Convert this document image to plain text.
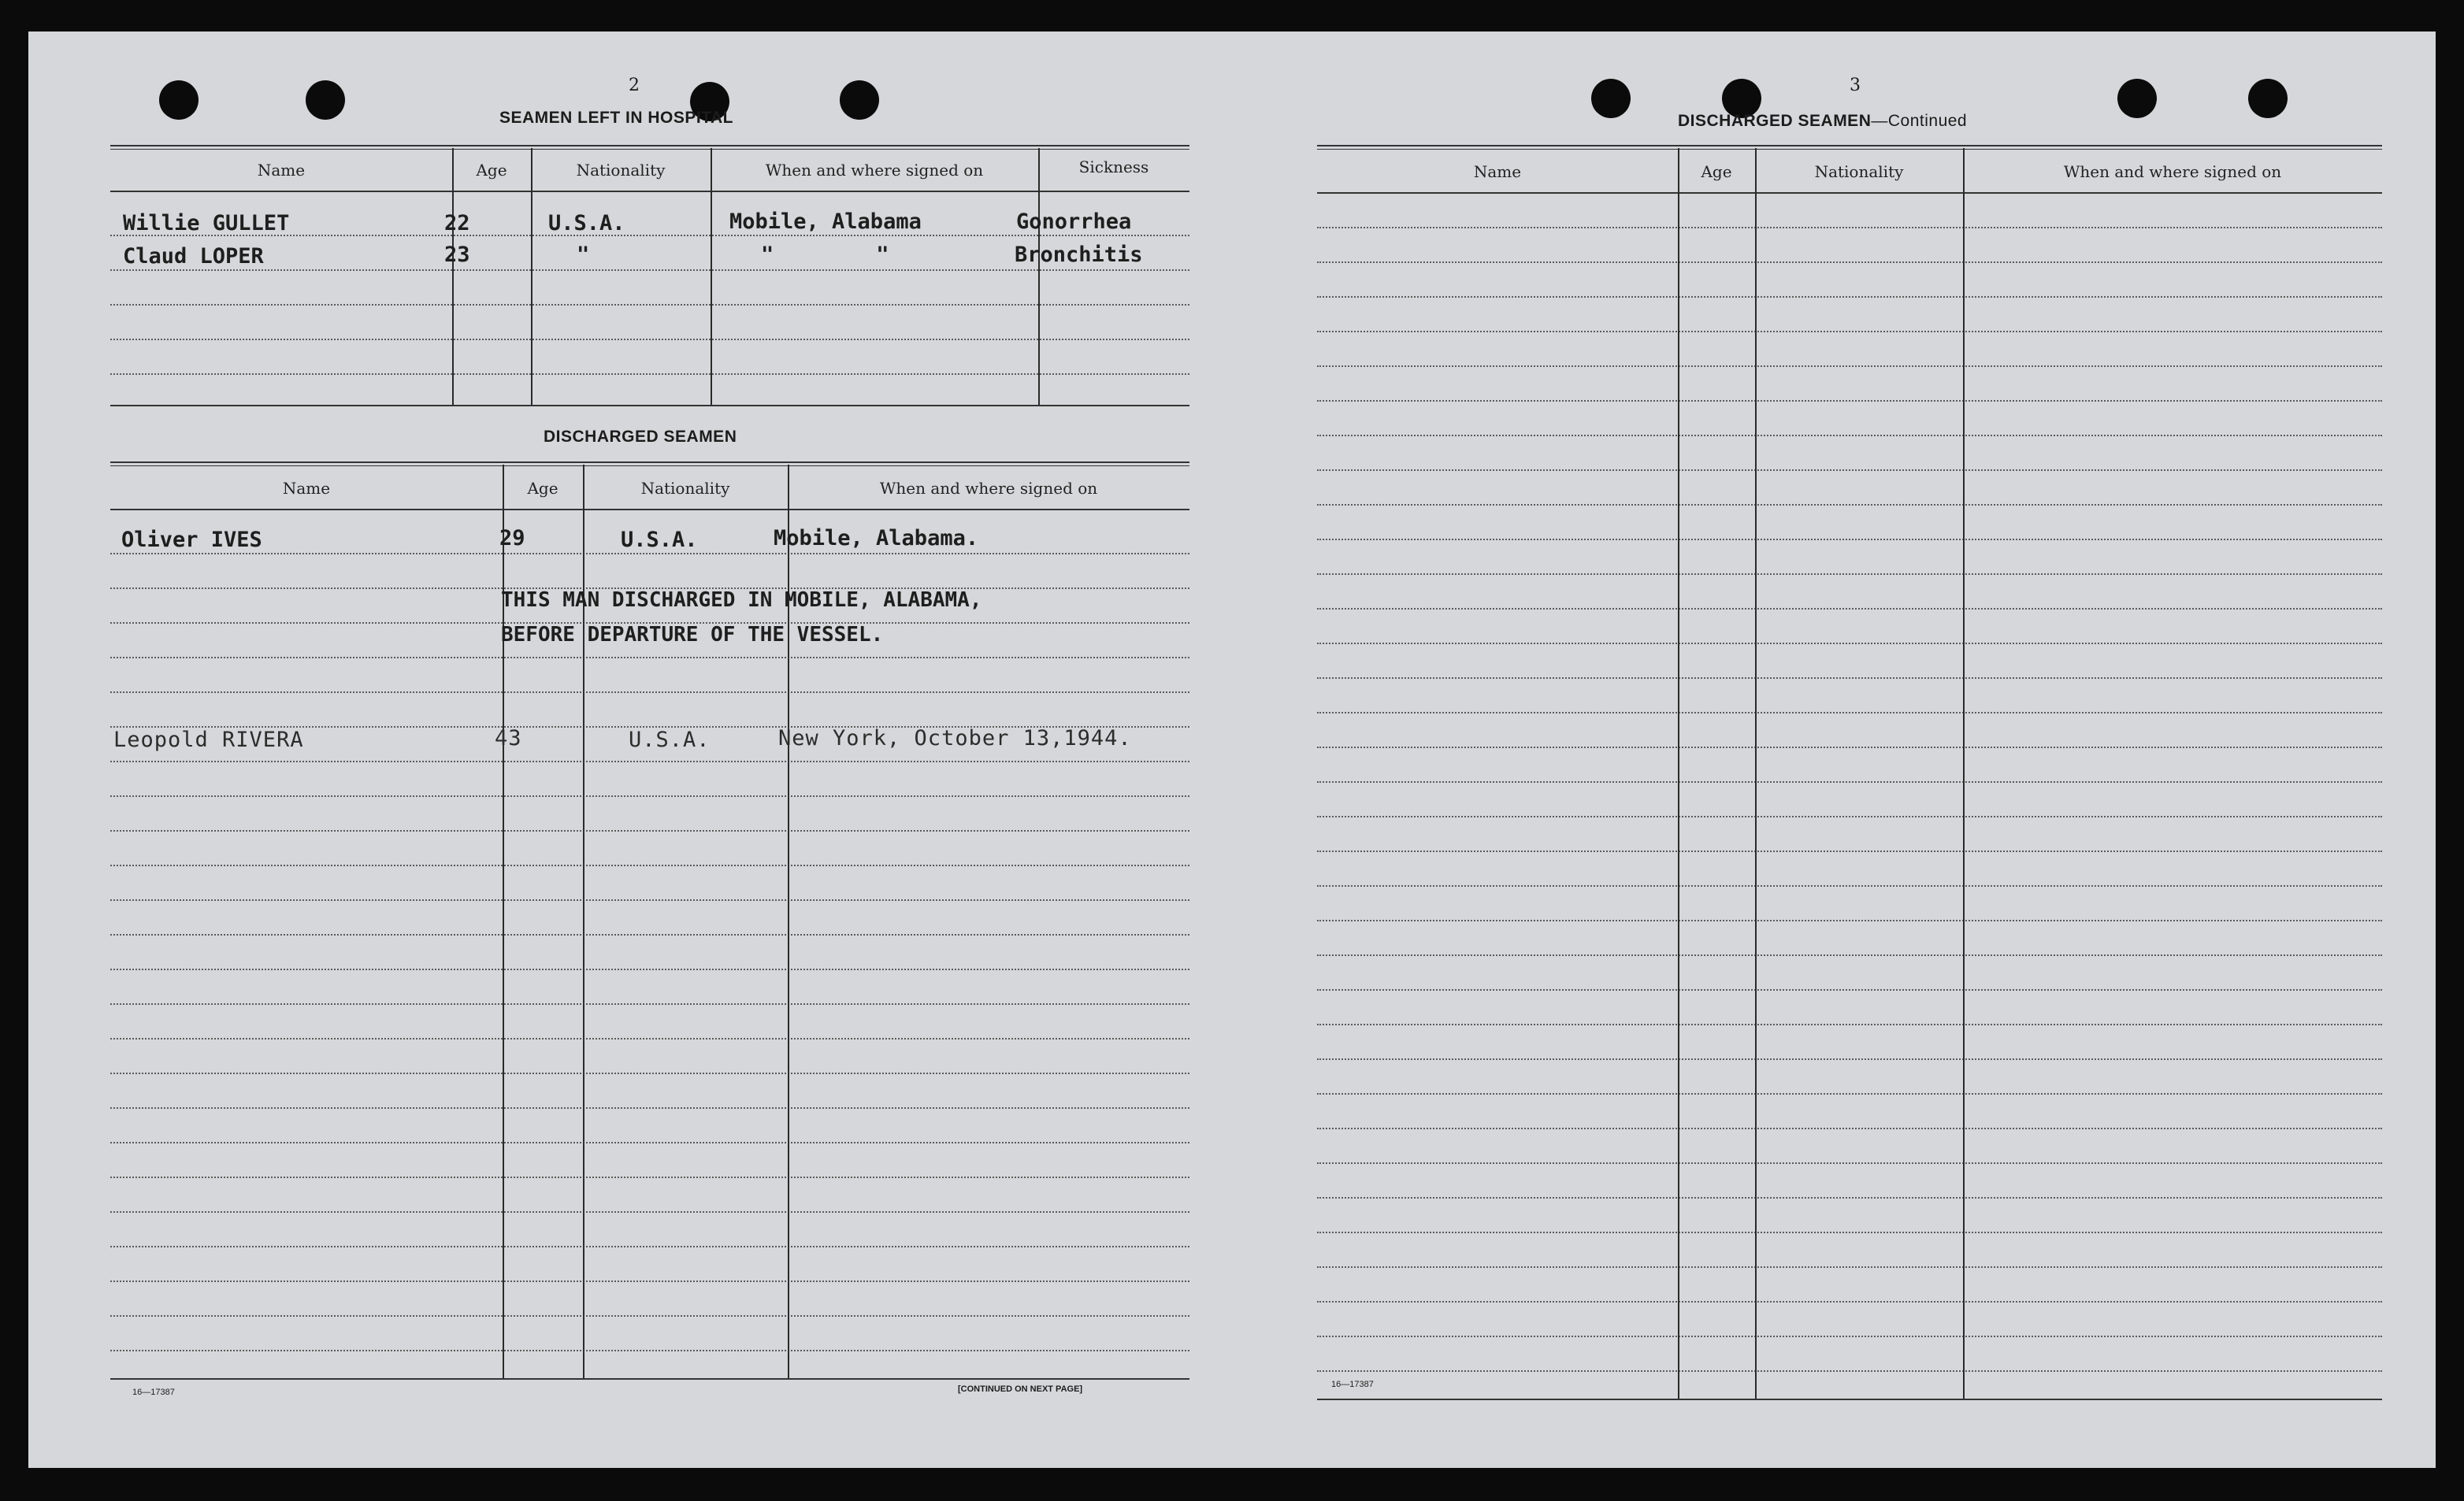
2
SEAMEN LEFT IN HOSPITAL
Name	Age	Nationality	When and where signed on	Sickness
Willie GULLET	22	U.S.A.	Mobile, Alabama	Gonorrhea
Claud LOPER	23	"	"        "	Bronchitis
DISCHARGED SEAMEN
Name	Age	Nationality	When and where signed on
Oliver IVES	29	U.S.A.	Mobile, Alabama.
THIS MAN DISCHARGED IN MOBILE, ALABAMA,
BEFORE DEPARTURE OF THE VESSEL.
Leopold RIVERA	43	U.S.A.	New York, October 13,1944.
16—17387	[CONTINUED ON NEXT PAGE]
3
DISCHARGED SEAMEN—Continued
Name	Age	Nationality	When and where signed on
16—17387
